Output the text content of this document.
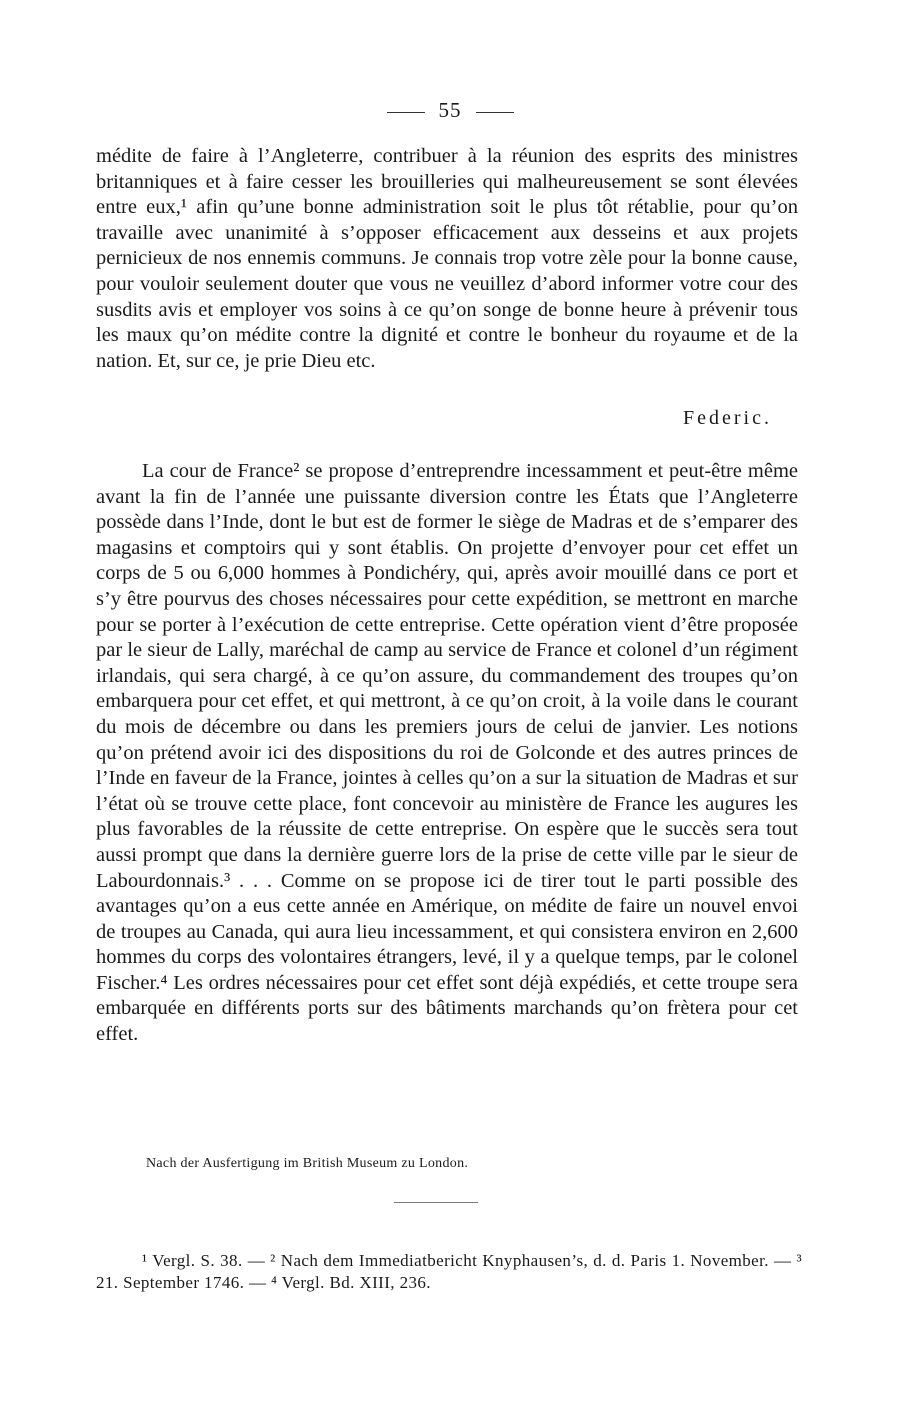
55
médite de faire à l’Angleterre, contribuer à la réunion des esprits des ministres britanniques et à faire cesser les brouilleries qui malheureusement se sont élevées entre eux,¹ afin qu’une bonne administration soit le plus tôt rétablie, pour qu’on travaille avec unanimité à s’opposer efficacement aux desseins et aux projets pernicieux de nos ennemis communs. Je connais trop votre zèle pour la bonne cause, pour vouloir seulement douter que vous ne veuillez d’abord informer votre cour des susdits avis et employer vos soins à ce qu’on songe de bonne heure à prévenir tous les maux qu’on médite contre la dignité et contre le bonheur du royaume et de la nation. Et, sur ce, je prie Dieu etc.
Federic.
La cour de France² se propose d’entreprendre incessamment et peut-être même avant la fin de l’année une puissante diversion contre les États que l’Angleterre possède dans l’Inde, dont le but est de former le siège de Madras et de s’emparer des magasins et comptoirs qui y sont établis. On projette d’envoyer pour cet effet un corps de 5 ou 6,000 hommes à Pondichéry, qui, après avoir mouillé dans ce port et s’y être pourvus des choses nécessaires pour cette expédition, se mettront en marche pour se porter à l’exécution de cette entreprise. Cette opération vient d’être proposée par le sieur de Lally, maréchal de camp au service de France et colonel d’un régiment irlandais, qui sera chargé, à ce qu’on assure, du commandement des troupes qu’on embarquera pour cet effet, et qui mettront, à ce qu’on croit, à la voile dans le courant du mois de décembre ou dans les premiers jours de celui de janvier. Les notions qu’on prétend avoir ici des dispositions du roi de Golconde et des autres princes de l’Inde en faveur de la France, jointes à celles qu’on a sur la situation de Madras et sur l’état où se trouve cette place, font concevoir au ministère de France les augures les plus favorables de la réussite de cette entreprise. On espère que le succès sera tout aussi prompt que dans la dernière guerre lors de la prise de cette ville par le sieur de Labourdonnais.³ . . . Comme on se propose ici de tirer tout le parti possible des avantages qu’on a eus cette année en Amérique, on médite de faire un nouvel envoi de troupes au Canada, qui aura lieu incessamment, et qui consistera environ en 2,600 hommes du corps des volontaires étrangers, levé, il y a quelque temps, par le colonel Fischer.⁴ Les ordres nécessaires pour cet effet sont déjà expédiés, et cette troupe sera embarquée en différents ports sur des bâtiments marchands qu’on frètera pour cet effet.
Nach der Ausfertigung im British Museum zu London.
¹ Vergl. S. 38. — ² Nach dem Immediatbericht Knyphausen’s, d. d. Paris 1. November. — ³ 21. September 1746. — ⁴ Vergl. Bd. XIII, 236.
